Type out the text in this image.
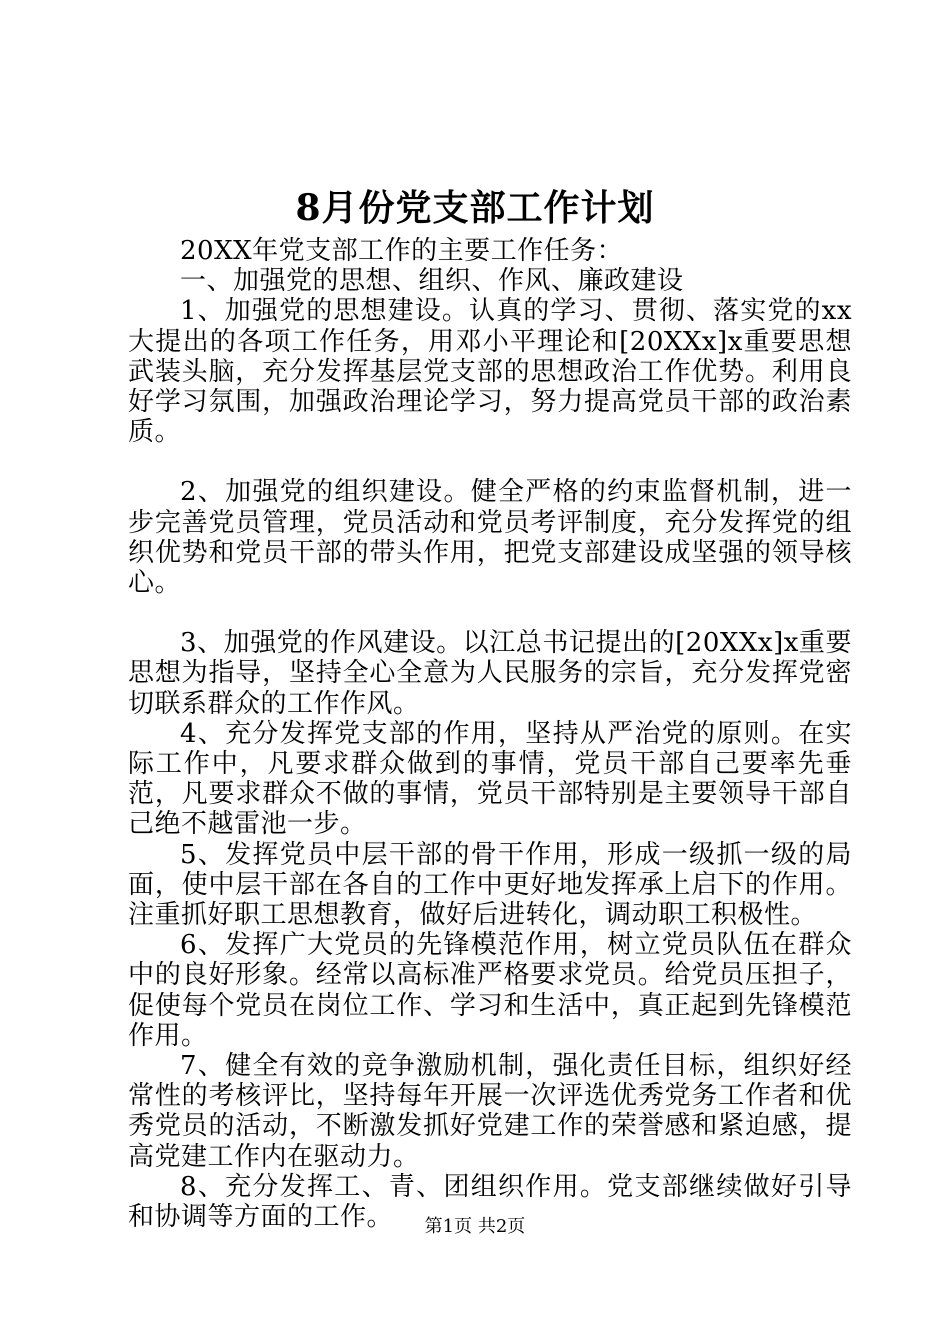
8月份党支部工作计划

20XX年党支部工作的主要工作任务：

一、加强党的思想、组织、作风、廉政建设

1、加强党的思想建设。认真的学习、贯彻、落实党的xx大提出的各项工作任务，用邓小平理论和[20XXx]x重要思想武装头脑，充分发挥基层党支部的思想政治工作优势。利用良好学习氛围，加强政治理论学习，努力提高党员干部的政治素质。

2、加强党的组织建设。健全严格的约束监督机制，进一步完善党员管理，党员活动和党员考评制度，充分发挥党的组织优势和党员干部的带头作用，把党支部建设成坚强的领导核心。

3、加强党的作风建设。以江总书记提出的[20XXx]x重要思想为指导，坚持全心全意为人民服务的宗旨，充分发挥党密切联系群众的工作作风。

4、充分发挥党支部的作用，坚持从严治党的原则。在实际工作中，凡要求群众做到的事情，党员干部自己要率先垂范，凡要求群众不做的事情，党员干部特别是主要领导干部自己绝不越雷池一步。

5、发挥党员中层干部的骨干作用，形成一级抓一级的局面，使中层干部在各自的工作中更好地发挥承上启下的作用。注重抓好职工思想教育，做好后进转化，调动职工积极性。

6、发挥广大党员的先锋模范作用，树立党员队伍在群众中的良好形象。经常以高标准严格要求党员。给党员压担子，促使每个党员在岗位工作、学习和生活中，真正起到先锋模范作用。

7、健全有效的竞争激励机制，强化责任目标，组织好经常性的考核评比，坚持每年开展一次评选优秀党务工作者和优秀党员的活动，不断激发抓好党建工作的荣誉感和紧迫感，提高党建工作内在驱动力。

8、充分发挥工、青、团组织作用。党支部继续做好引导和协调等方面的工作。	第1页 共2页
